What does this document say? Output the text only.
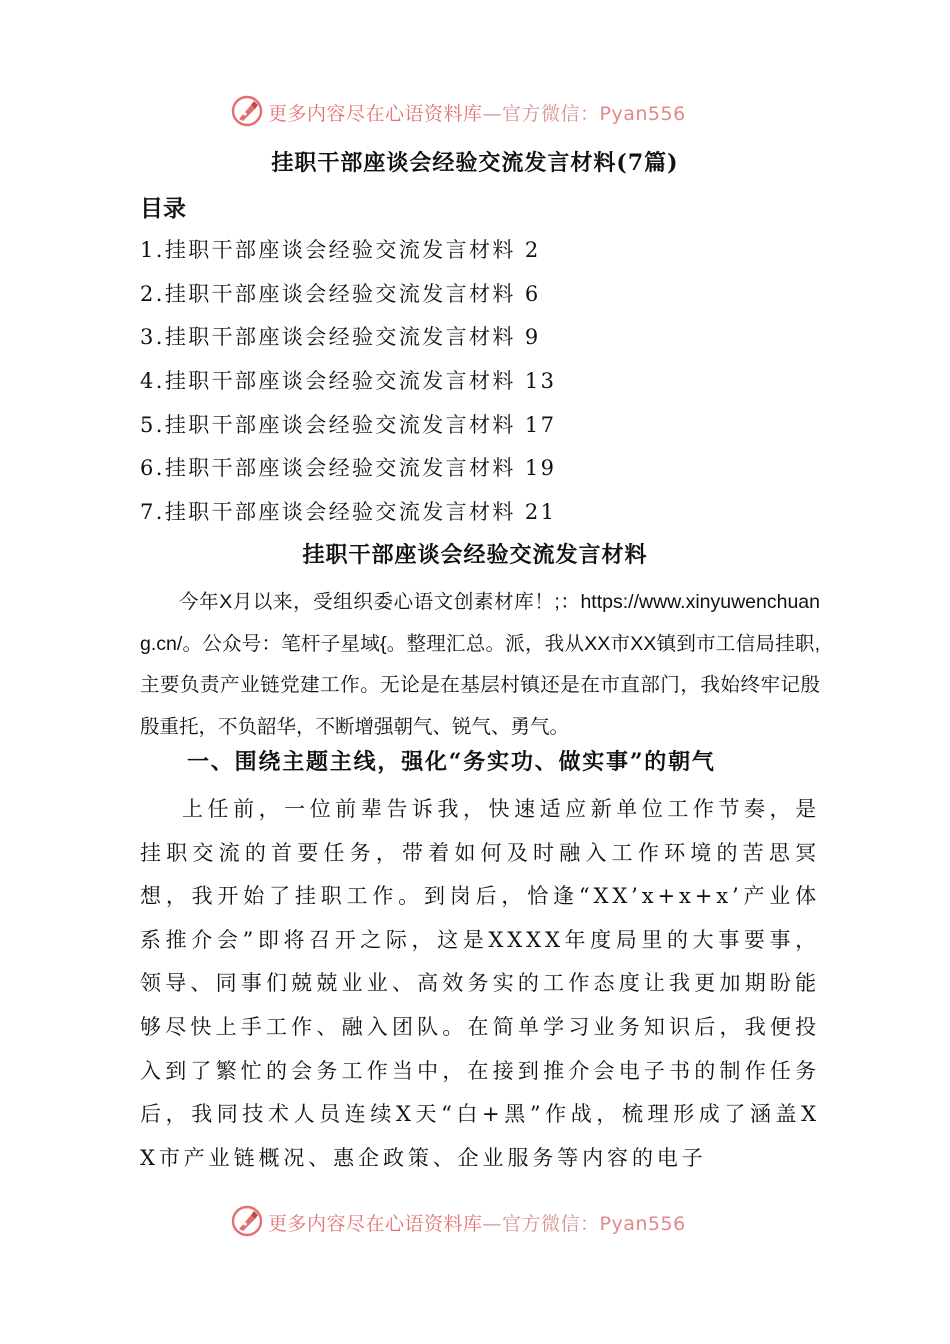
更多内容尽在心语资料库—官方微信：Pyan556
挂职干部座谈会经验交流发言材料(7篇)
目录
1.挂职干部座谈会经验交流发言材料 2
2.挂职干部座谈会经验交流发言材料 6
3.挂职干部座谈会经验交流发言材料 9
4.挂职干部座谈会经验交流发言材料 13
5.挂职干部座谈会经验交流发言材料 17
6.挂职干部座谈会经验交流发言材料 19
7.挂职干部座谈会经验交流发言材料 21
挂职干部座谈会经验交流发言材料

今年X月以来，受组织委心语文创素材库！;：https://www.xinyuwenchuang.cn/。公众号：笔杆子星域{。整理汇总。派，我从XX市XX镇到市工信局挂职,主要负责产业链党建工作。无论是在基层村镇还是在市直部门，我始终牢记殷殷重托，不负韶华，不断增强朝气、锐气、勇气。

一、围绕主题主线，强化“务实功、做实事”的朝气

上任前，一位前辈告诉我，快速适应新单位工作节奏，是挂职交流的首要任务，带着如何及时融入工作环境的苦思冥想，我开始了挂职工作。到岗后，恰逢“XX’x+x+x’产业体系推介会”即将召开之际，这是XXXX年度局里的大事要事，领导、同事们兢兢业业、高效务实的工作态度让我更加期盼能够尽快上手工作、融入团队。在简单学习业务知识后，我便投入到了繁忙的会务工作当中，在接到推介会电子书的制作任务后，我同技术人员连续X天“白+黑”作战，梳理形成了涵盖XX市产业链概况、惠企政策、企业服务等内容的电子

更多内容尽在心语资料库—官方微信：Pyan556
